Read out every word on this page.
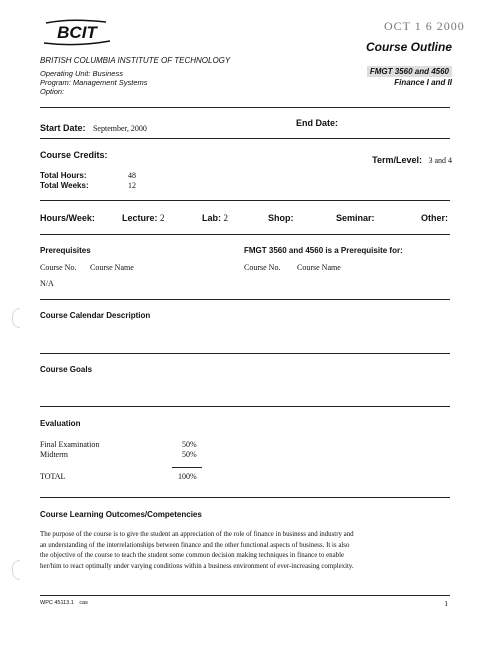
BCIT	OCT 1 6 2000
Course Outline
BRITISH COLUMBIA INSTITUTE OF TECHNOLOGY
Operating Unit: Business
Program: Management Systems
Option:
FMGT 3560 and 4560
Finance I and II
Start Date: September, 2000
End Date:
Course Credits:	Term/Level: 3 and 4
Total Hours:	48
Total Weeks:	12
Hours/Week:	Lecture: 2	Lab: 2	Shop:	Seminar:	Other:
Prerequisites
Course No. Course Name
N/A
FMGT 3560 and 4560 is a Prerequisite for:
Course No. Course Name
Course Calendar Description
Course Goals
Evaluation
Final Examination	50%
Midterm	50%
TOTAL	100%
Course Learning Outcomes/Competencies
The purpose of the course is to give the student an appreciation of the role of finance in business and industry and
an understanding of the interrelationships between finance and the other functional aspects of business. It is also
the objective of the course to teach the student some common decision making techniques in finance to enable
her/him to react optimally under varying conditions within a business environment of ever-increasing complexity.
WPC 45113.1 cas	1
